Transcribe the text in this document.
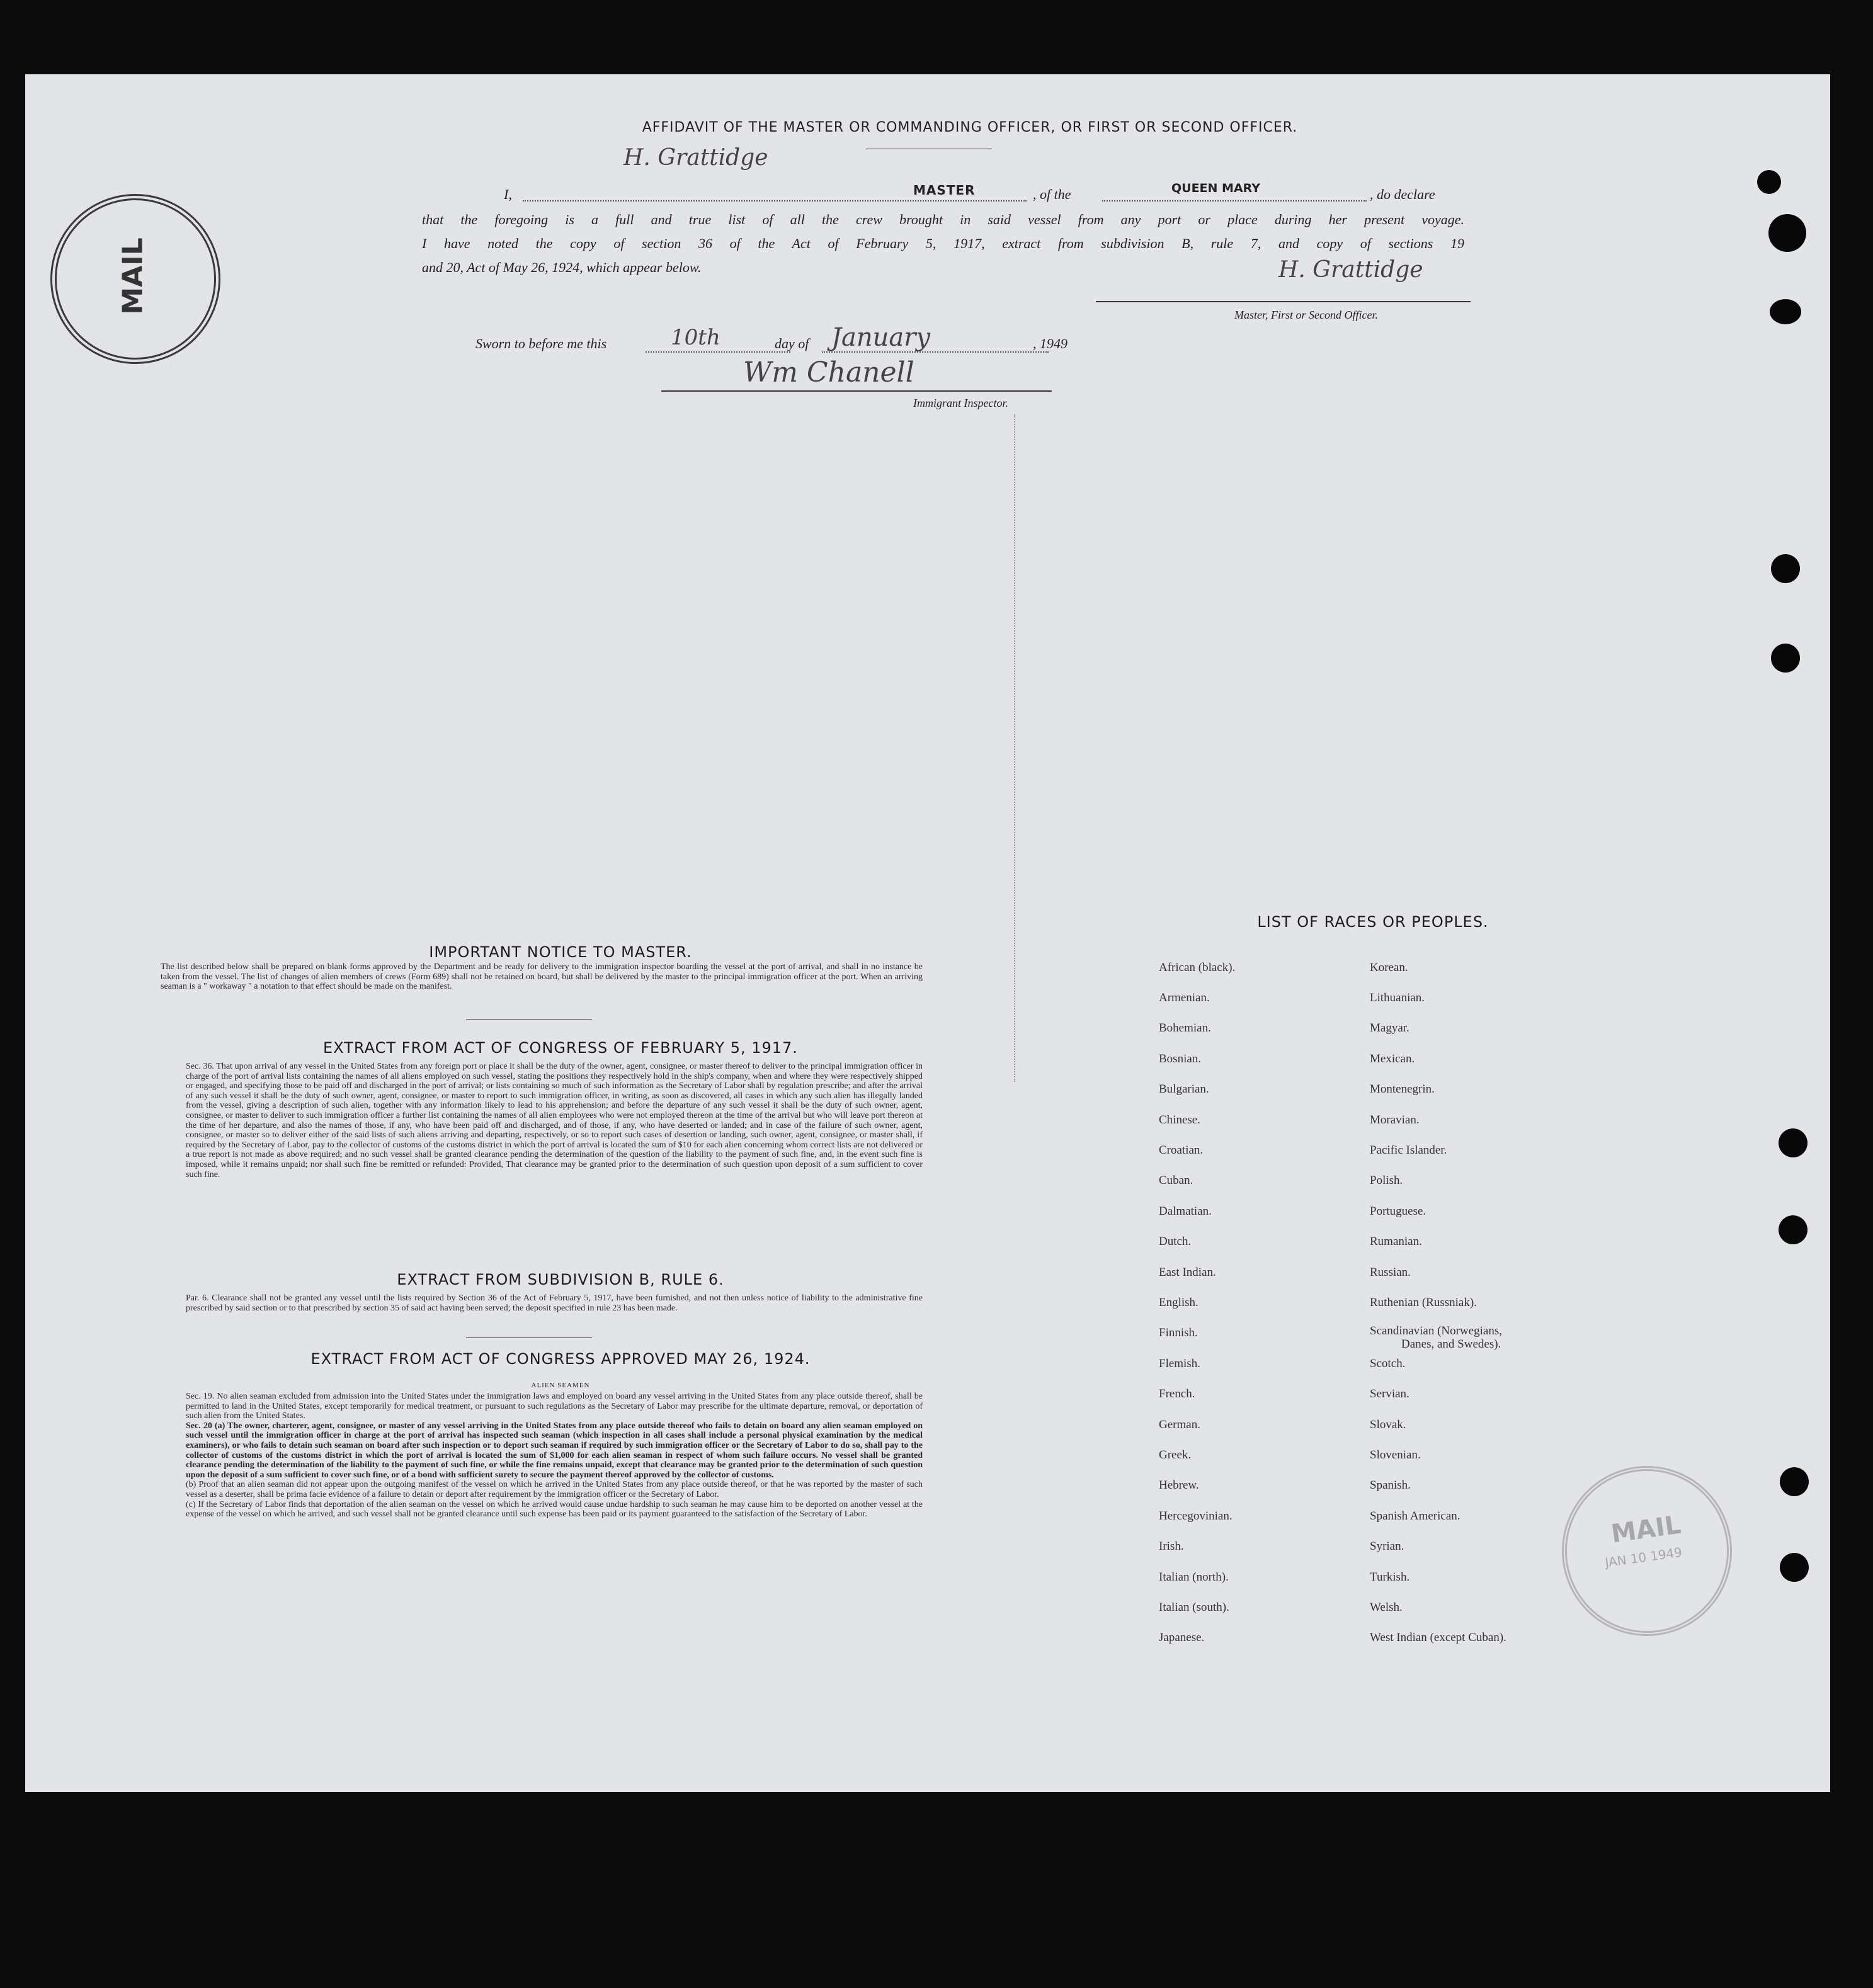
AFFIDAVIT OF THE MASTER OR COMMANDING OFFICER, OR FIRST OR SECOND OFFICER.
H. Grattidge
I,	MASTER	, of the	QUEEN MARY	, do declare
that the foregoing is a full and true list of all the crew brought in said vessel from any port or place during her present voyage.
I have noted the copy of section 36 of the Act of February 5, 1917, extract from subdivision B, rule 7, and copy of sections 19
and 20, Act of May 26, 1924, which appear below.	H. Grattidge
Master, First or Second Officer.
Sworn to before me this	10th	day of January	, 1949
Wm Chanell
Immigrant Inspector.
IMPORTANT NOTICE TO MASTER.
The list described below shall be prepared on blank forms approved by the Department and be ready for delivery to the immigration inspector boarding the vessel at the port of arrival, and shall in no instance be taken from the vessel. The list of changes of alien members of crews (Form 689) shall not be retained on board, but shall be delivered by the master to the principal immigration officer at the port. When an arriving seaman is a " workaway " a notation to that effect should be made on the manifest.
EXTRACT FROM ACT OF CONGRESS OF FEBRUARY 5, 1917.
Sec. 36. That upon arrival of any vessel in the United States from any foreign port or place it shall be the duty of the owner, agent, consignee, or master thereof to deliver to the principal immigration officer in charge of the port of arrival lists containing the names of all aliens employed on such vessel, stating the positions they respectively hold in the ship's company, when and where they were respectively shipped or engaged, and specifying those to be paid off and discharged in the port of arrival; or lists containing so much of such information as the Secretary of Labor shall by regulation prescribe; and after the arrival of any such vessel it shall be the duty of such owner, agent, consignee, or master to report to such immigration officer, in writing, as soon as discovered, all cases in which any such alien has illegally landed from the vessel, giving a description of such alien, together with any information likely to lead to his apprehension; and before the departure of any such vessel it shall be the duty of such owner, agent, consignee, or master to deliver to such immigration officer a further list containing the names of all alien employees who were not employed thereon at the time of the arrival but who will leave port thereon at the time of her departure, and also the names of those, if any, who have been paid off and discharged, and of those, if any, who have deserted or landed; and in case of the failure of such owner, agent, consignee, or master so to deliver either of the said lists of such aliens arriving and departing, respectively, or so to report such cases of desertion or landing, such owner, agent, consignee, or master shall, if required by the Secretary of Labor, pay to the collector of customs of the customs district in which the port of arrival is located the sum of $10 for each alien concerning whom correct lists are not delivered or a true report is not made as above required; and no such vessel shall be granted clearance pending the determination of the question of the liability to the payment of such fine, and, in the event such fine is imposed, while it remains unpaid; nor shall such fine be remitted or refunded: Provided, That clearance may be granted prior to the determination of such question upon deposit of a sum sufficient to cover such fine.
EXTRACT FROM SUBDIVISION B, RULE 6.
Par. 6. Clearance shall not be granted any vessel until the lists required by Section 36 of the Act of February 5, 1917, have been furnished, and not then unless notice of liability to the administrative fine prescribed by said section or to that prescribed by section 35 of said act having been served; the deposit specified in rule 23 has been made.
EXTRACT FROM ACT OF CONGRESS APPROVED MAY 26, 1924.
ALIEN SEAMEN
Sec. 19. No alien seaman excluded from admission into the United States under the immigration laws and employed on board any vessel arriving in the United States from any place outside thereof, shall be permitted to land in the United States, except temporarily for medical treatment, or pursuant to such regulations as the Secretary of Labor may prescribe for the ultimate departure, removal, or deportation of such alien from the United States.
Sec. 20 (a) The owner, charterer, agent, consignee, or master of any vessel arriving in the United States from any place outside thereof who fails to detain on board any alien seaman employed on such vessel until the immigration officer in charge at the port of arrival has inspected such seaman (which inspection in all cases shall include a personal physical examination by the medical examiners), or who fails to detain such seaman on board after such inspection or to deport such seaman if required by such immigration officer or the Secretary of Labor to do so, shall pay to the collector of customs of the customs district in which the port of arrival is located the sum of $1,000 for each alien seaman in respect of whom such failure occurs. No vessel shall be granted clearance pending the determination of the liability to the payment of such fine, or while the fine remains unpaid, except that clearance may be granted prior to the determination of such question upon the deposit of a sum sufficient to cover such fine, or of a bond with sufficient surety to secure the payment thereof approved by the collector of customs.
(b) Proof that an alien seaman did not appear upon the outgoing manifest of the vessel on which he arrived in the United States from any place outside thereof, or that he was reported by the master of such vessel as a deserter, shall be prima facie evidence of a failure to detain or deport after requirement by the immigration officer or the Secretary of Labor.
(c) If the Secretary of Labor finds that deportation of the alien seaman on the vessel on which he arrived would cause undue hardship to such seaman he may cause him to be deported on another vessel at the expense of the vessel on which he arrived, and such vessel shall not be granted clearance until such expense has been paid or its payment guaranteed to the satisfaction of the Secretary of Labor.
LIST OF RACES OR PEOPLES.
African (black).
Armenian.
Bohemian.
Bosnian.
Bulgarian.
Chinese.
Croatian.
Cuban.
Dalmatian.
Dutch.
East Indian.
English.
Finnish.
Flemish.
French.
German.
Greek.
Hebrew.
Hercegovinian.
Irish.
Italian (north).
Italian (south).
Japanese.
Korean.
Lithuanian.
Magyar.
Mexican.
Montenegrin.
Moravian.
Pacific Islander.
Polish.
Portuguese.
Rumanian.
Russian.
Ruthenian (Russniak).
Scandinavian (Norwegians,
Danes, and Swedes).
Scotch.
Servian.
Slovak.
Slovenian.
Spanish.
Spanish American.
Syrian.
Turkish.
Welsh.
West Indian (except Cuban).
MAIL
MAIL
JAN 10 1949
